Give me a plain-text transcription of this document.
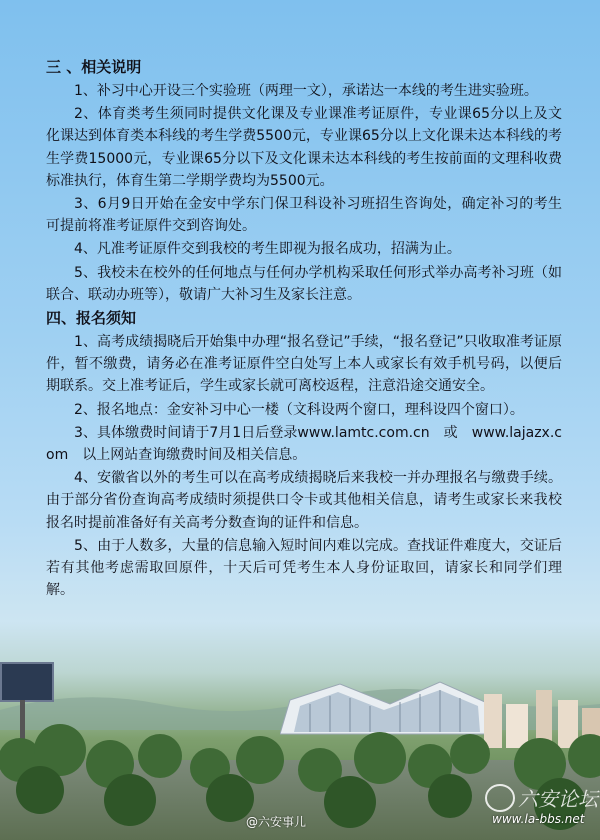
三 、相关说明
1、补习中心开设三个实验班（两理一文），承诺达一本线的考生进实验班。
2、体育类考生须同时提供文化课及专业课准考证原件，专业课65分以上及文化课达到体育类本科线的考生学费5500元，专业课65分以上文化课未达本科线的考生学费15000元，专业课65分以下及文化课未达本科线的考生按前面的文理科收费标准执行，体育生第二学期学费均为5500元。
3、6月9日开始在金安中学东门保卫科设补习班招生咨询处，确定补习的考生可提前将准考证原件交到咨询处。
4、凡准考证原件交到我校的考生即视为报名成功，招满为止。
5、我校未在校外的任何地点与任何办学机构采取任何形式举办高考补习班（如联合、联动办班等），敬请广大补习生及家长注意。
四、报名须知
1、高考成绩揭晓后开始集中办理“报名登记”手续，“报名登记”只收取准考证原件，暂不缴费，请务必在准考证原件空白处写上本人或家长有效手机号码，以便后期联系。交上准考证后，学生或家长就可离校返程，注意沿途交通安全。
2、报名地点：金安补习中心一楼（文科设两个窗口，理科设四个窗口）。
3、具体缴费时间请于7月1日后登录www.lamtc.com.cn　或　www.lajazx.com　以上网站查询缴费时间及相关信息。
4、安徽省以外的考生可以在高考成绩揭晓后来我校一并办理报名与缴费手续。由于部分省份查询高考成绩时须提供口令卡或其他相关信息，请考生或家长来我校报名时提前准备好有关高考分数查询的证件和信息。
5、由于人数多，大量的信息输入短时间内难以完成。查找证件难度大，交证后若有其他考虑需取回原件，十天后可凭考生本人身份证取回，请家长和同学们理解。
@六安事儿
六安论坛
www.la-bbs.net
